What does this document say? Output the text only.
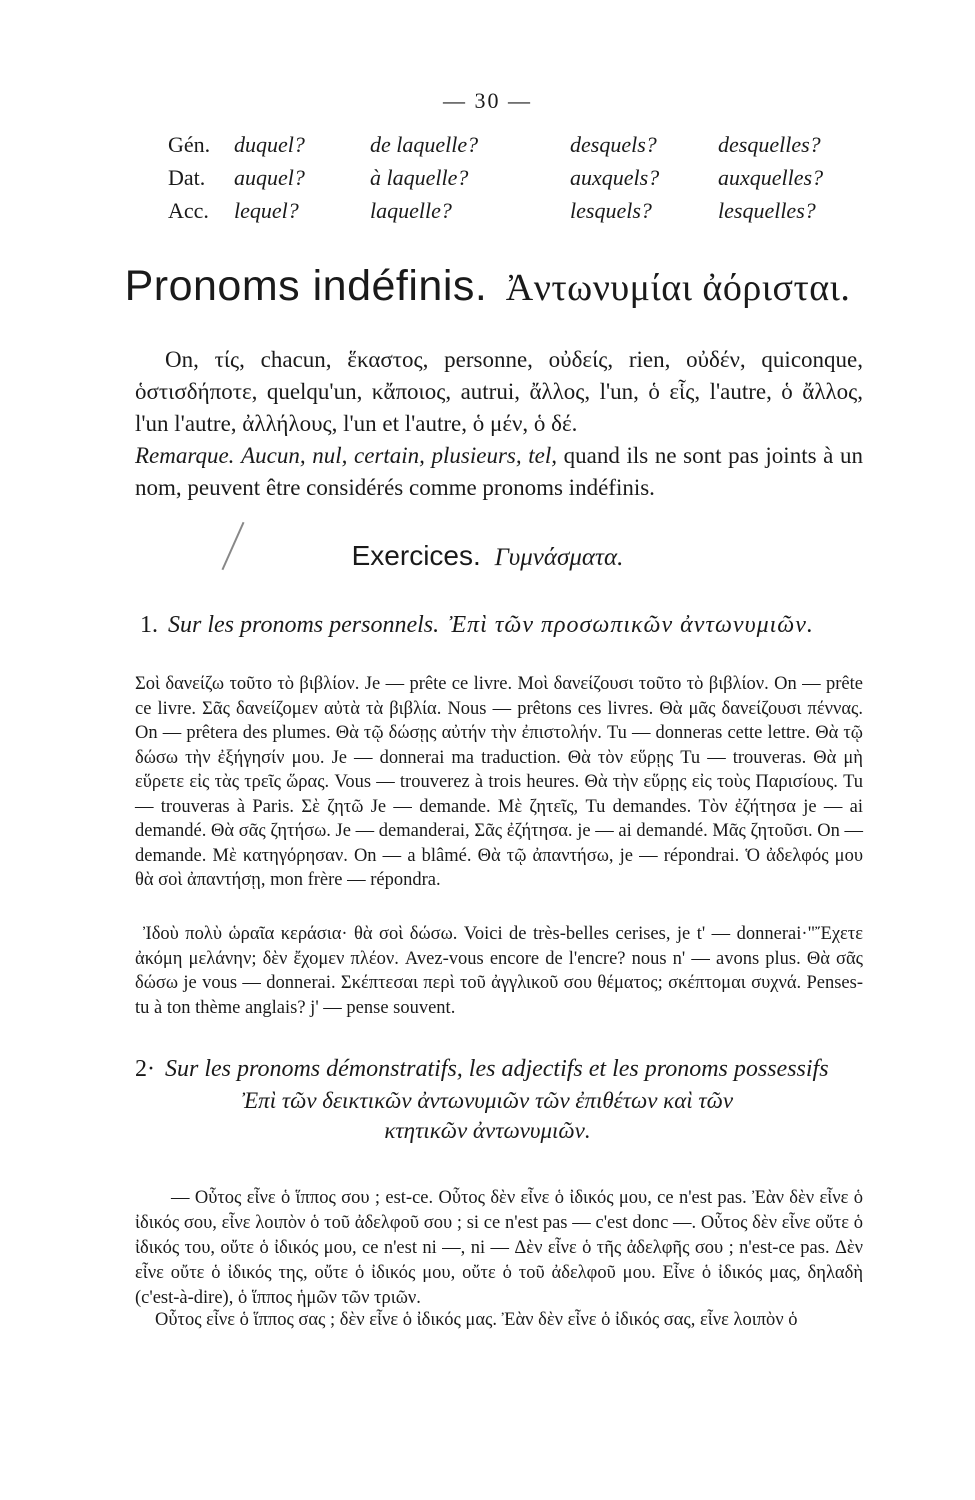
— 30 —
Gén. duquel?	de laquelle?	desquels?	desquelles?
Dat. auquel?	à laquelle?	auxquels?	auxquelles?
Acc. lequel?	laquelle?	lesquels?	lesquelles?
Pronoms indéfinis. Ἀντωνυμίαι ἀόρισται.
On, τίς, chacun, ἕκαστος, personne, οὐδείς, rien, οὐδέν, quiconque, ὁστισδήποτε, quelqu'un, κἄποιος, autrui, ἄλλος, l'un, ὁ εἷς, l'autre, ὁ ἄλλος, l'un l'autre, ἀλλήλους, l'un et l'autre, ὁ μέν, ὁ δέ.
Remarque. Aucun, nul, certain, plusieurs, tel, quand ils ne sont pas joints à un nom, peuvent être considérés comme pronoms indéfinis.
Exercices. Γυμνάσματα.
1. Sur les pronoms personnels. Ἐπὶ τῶν προσωπικῶν ἀντωνυμιῶν.
Σοὶ δανείζω τοῦτο τὸ βιβλίον. Je — prête ce livre. Μοὶ δανείζουσι τοῦτο τὸ βιβλίον. On — prête ce livre. Σᾶς δανείζομεν αὐτὰ τὰ βιβλία. Nous — prêtons ces livres. Θὰ μᾶς δανείζουσι πέννας. On — prêtera des plumes. Θὰ τῷ δώσῃς αὐτήν τὴν ἐπιστολήν. Tu — donneras cette lettre. Θὰ τῷ δώσω τὴν ἐξήγησίν μου. Je — donnerai ma traduction. Θὰ τὸν εὕρῃς Tu — trouveras. Θὰ μὴ εὕρετε εἰς τὰς τρεῖς ὥρας. Vous — trouverez à trois heures. Θὰ τὴν εὕρῃς εἰς τοὺς Παρισίους. Tu — trouveras à Paris. Σὲ ζητῶ Je — demande. Μὲ ζητεῖς, Tu demandes. Τὸν ἐζήτησα je — ai demandé. Θὰ σᾶς ζητήσω. Je — demanderai, Σᾶς ἐζήτησα. je — ai demandé. Μᾶς ζητοῦσι. On — demande. Μὲ κατηγόρησαν. On — a blâmé. Θὰ τῷ ἀπαντήσω, je — répondrai. Ὁ ἀδελφός μου θὰ σοὶ ἀπαντήσῃ, mon frère — répondra.
Ἰδοὺ πολὺ ὡραῖα κεράσια· θὰ σοὶ δώσω. Voici de très-belles cerises, je t' — donnerai·"Ἔχετε ἀκόμη μελάνην; δὲν ἔχομεν πλέον. Avez-vous encore de l'encre? nous n' — avons plus. Θὰ σᾶς δώσω je vous — donnerai. Σκέπτεσαι περὶ τοῦ ἀγγλικοῦ σου θέματος; σκέπτομαι συχνά. Penses-tu à ton thème anglais? j' — pense souvent.
2· Sur les pronoms démonstratifs, les adjectifs et les pronoms possessifs
Ἐπὶ τῶν δεικτικῶν ἀντωνυμιῶν τῶν ἐπιθέτων καὶ τῶν
κτητικῶν ἀντωνυμιῶν.
— Οὗτος εἶνε ὁ ἵππος σου ; est-ce. Οὗτος δὲν εἶνε ὁ ἰδικός μου, ce n'est pas. Ἐὰν δὲν εἶνε ὁ ἰδικός σου, εἶνε λοιπὸν ὁ τοῦ ἀδελφοῦ σου ; si ce n'est pas — c'est donc —. Οὗτος δὲν εἶνε οὔτε ὁ ἰδικός του, οὔτε ὁ ἰδικός μου, ce n'est ni —, ni — Δὲν εἶνε ὁ τῆς ἀδελφῆς σου ; n'est-ce pas. Δὲν εἶνε οὔτε ὁ ἰδικός της, οὔτε ὁ ἰδικός μου, οὔτε ὁ τοῦ ἀδελφοῦ μου. Εἶνε ὁ ἰδικός μας, δηλαδὴ (c'est-à-dire), ὁ ἵππος ἡμῶν τῶν τριῶν.
Οὗτος εἶνε ὁ ἵππος σας ; δὲν εἶνε ὁ ἰδικός μας. Ἐὰν δὲν εἶνε ὁ ἰδικός σας, εἶνε λοιπὸν ὁ
